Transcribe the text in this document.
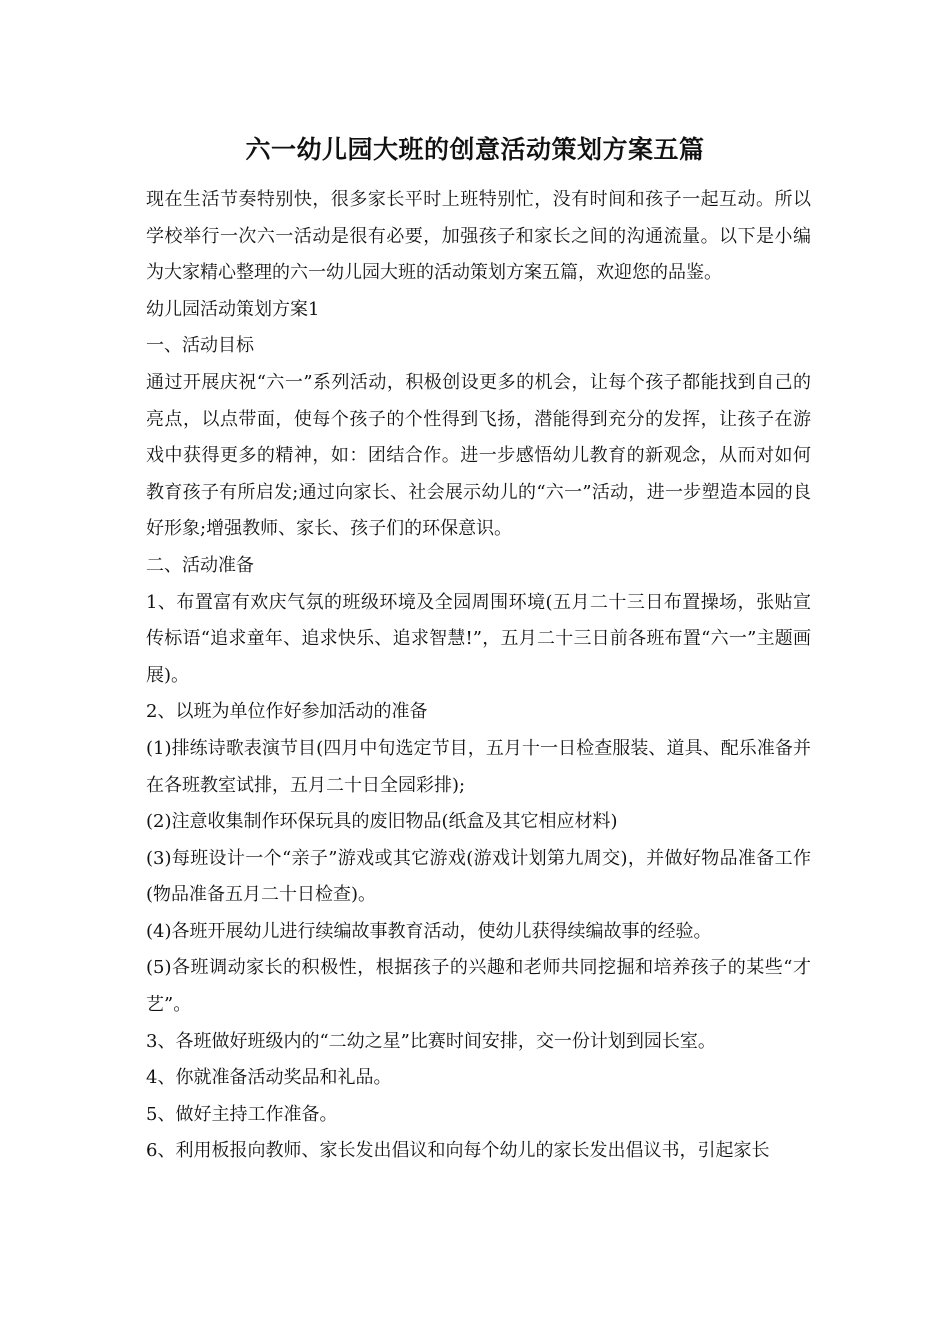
六一幼儿园大班的创意活动策划方案五篇

现在生活节奏特别快，很多家长平时上班特别忙，没有时间和孩子一起互动。所以学校举行一次六一活动是很有必要，加强孩子和家长之间的沟通流量。以下是小编为大家精心整理的六一幼儿园大班的活动策划方案五篇，欢迎您的品鉴。

幼儿园活动策划方案1

一、活动目标

通过开展庆祝“六一”系列活动，积极创设更多的机会，让每个孩子都能找到自己的亮点，以点带面，使每个孩子的个性得到飞扬，潜能得到充分的发挥，让孩子在游戏中获得更多的精神，如：团结合作。进一步感悟幼儿教育的新观念，从而对如何教育孩子有所启发;通过向家长、社会展示幼儿的“六一”活动，进一步塑造本园的良好形象;增强教师、家长、孩子们的环保意识。

二、活动准备

1、布置富有欢庆气氛的班级环境及全园周围环境(五月二十三日布置操场，张贴宣传标语“追求童年、追求快乐、追求智慧!”，五月二十三日前各班布置“六一”主题画展)。

2、以班为单位作好参加活动的准备

(1)排练诗歌表演节目(四月中旬选定节目，五月十一日检查服装、道具、配乐准备并在各班教室试排，五月二十日全园彩排);

(2)注意收集制作环保玩具的废旧物品(纸盒及其它相应材料)

(3)每班设计一个“亲子”游戏或其它游戏(游戏计划第九周交)，并做好物品准备工作(物品准备五月二十日检查)。

(4)各班开展幼儿进行续编故事教育活动，使幼儿获得续编故事的经验。

(5)各班调动家长的积极性，根据孩子的兴趣和老师共同挖掘和培养孩子的某些“才艺”。

3、各班做好班级内的“二幼之星”比赛时间安排，交一份计划到园长室。

4、你就准备活动奖品和礼品。

5、做好主持工作准备。

6、利用板报向教师、家长发出倡议和向每个幼儿的家长发出倡议书，引起家长
